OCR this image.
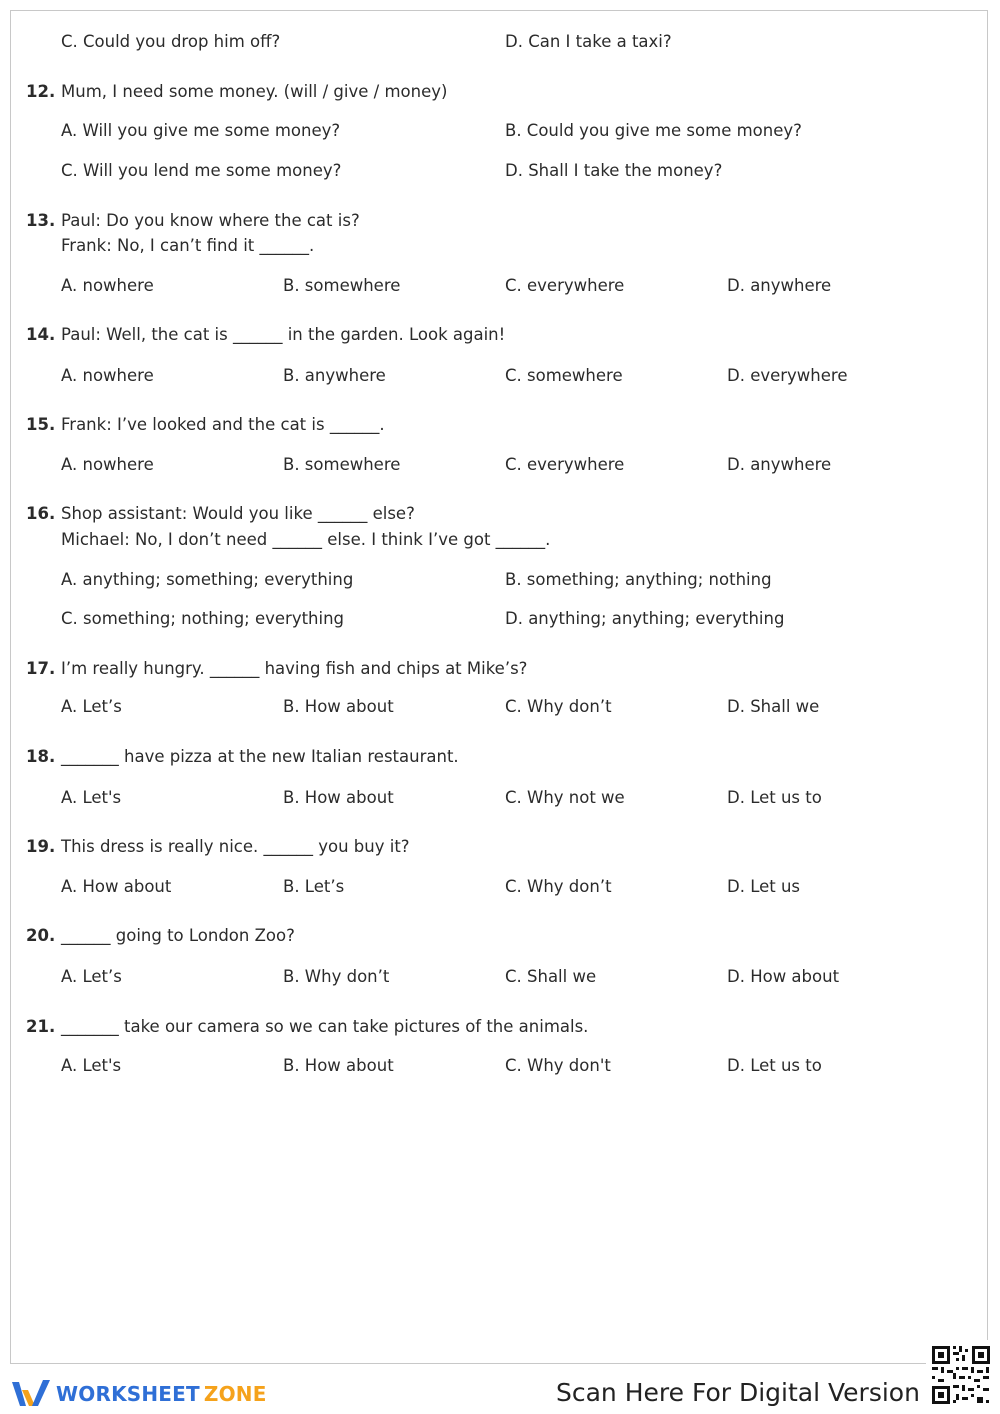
C. Could you drop him off?	D. Can I take a taxi?
12. Mum, I need some money. (will / give / money)
A. Will you give me some money?	B. Could you give me some money?
C. Will you lend me some money?	D. Shall I take the money?
13. Paul: Do you know where the cat is?
Frank: No, I can’t find it ______.
A. nowhere	B. somewhere	C. everywhere	D. anywhere
14. Paul: Well, the cat is ______ in the garden. Look again!
A. nowhere	B. anywhere	C. somewhere	D. everywhere
15. Frank: I’ve looked and the cat is ______.
A. nowhere	B. somewhere	C. everywhere	D. anywhere
16. Shop assistant: Would you like ______ else?
Michael: No, I don’t need ______ else. I think I’ve got ______.
A. anything; something; everything	B. something; anything; nothing
C. something; nothing; everything	D. anything; anything; everything
17. I’m really hungry. ______ having fish and chips at Mike’s?
A. Let’s	B. How about	C. Why don’t	D. Shall we
18. _______ have pizza at the new Italian restaurant.
A. Let's	B. How about	C. Why not we	D. Let us to
19. This dress is really nice. ______ you buy it?
A. How about	B. Let’s	C. Why don’t	D. Let us
20. ______ going to London Zoo?
A. Let’s	B. Why don’t	C. Shall we	D. How about
21. _______ take our camera so we can take pictures of the animals.
A. Let's	B. How about	C. Why don't	D. Let us to
WORKSHEET ZONE	Scan Here For Digital Version
